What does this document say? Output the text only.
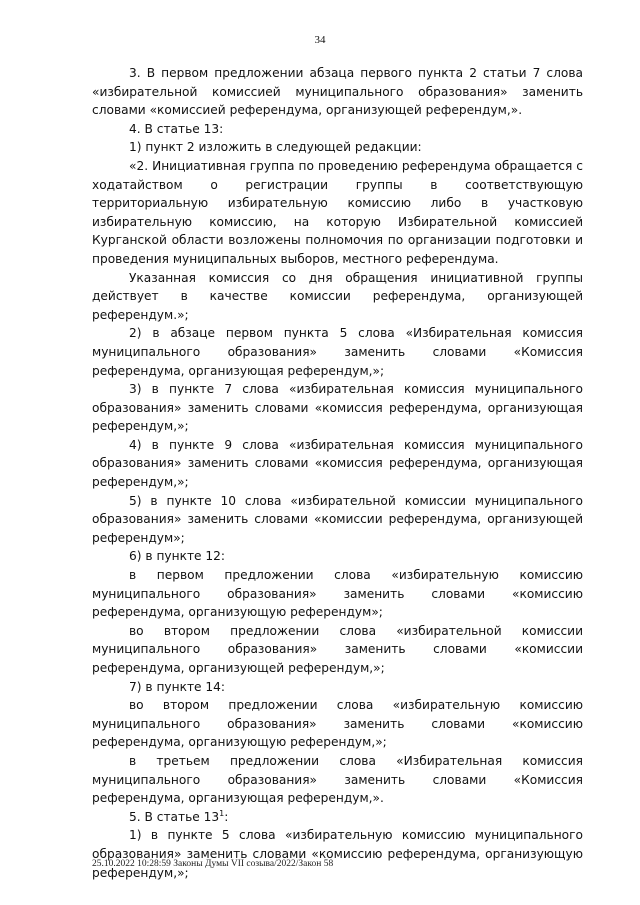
34

3. В первом предложении абзаца первого пункта 2 статьи 7 слова «избирательной комиссией муниципального образования» заменить словами «комиссией референдума, организующей референдум,».

4. В статье 13:

1) пункт 2 изложить в следующей редакции:

«2. Инициативная группа по проведению референдума обращается с ходатайством о регистрации группы в соответствующую территориальную избирательную комиссию либо в участковую избирательную комиссию, на которую Избирательной комиссией Курганской области возложены полномочия по организации подготовки и проведения муниципальных выборов, местного референдума.

Указанная комиссия со дня обращения инициативной группы действует в качестве комиссии референдума, организующей референдум.»;

2) в абзаце первом пункта 5 слова «Избирательная комиссия муниципального образования» заменить словами «Комиссия референдума, организующая референдум,»;

3) в пункте 7 слова «избирательная комиссия муниципального образования» заменить словами «комиссия референдума, организующая референдум,»;

4) в пункте 9 слова «избирательная комиссия муниципального образования» заменить словами «комиссия референдума, организующая референдум,»;

5) в пункте 10 слова «избирательной комиссии муниципального образования» заменить словами «комиссии референдума, организующей референдум»;

6) в пункте 12:

в первом предложении слова «избирательную комиссию муниципального образования» заменить словами «комиссию референдума, организующую референдум»;

во втором предложении слова «избирательной комиссии муниципального образования» заменить словами «комиссии референдума, организующей референдум,»;

7) в пункте 14:

во втором предложении слова «избирательную комиссию муниципального образования» заменить словами «комиссию референдума, организующую референдум,»;

в третьем предложении слова «Избирательная комиссия муниципального образования» заменить словами «Комиссия референдума, организующая референдум,».

5. В статье $13^1$:

1) в пункте 5 слова «избирательную комиссию муниципального образования» заменить словами «комиссию референдума, организующую референдум,»;

25.10.2022 10:28:59 Законы Думы VII созыва/2022/Закон 58
